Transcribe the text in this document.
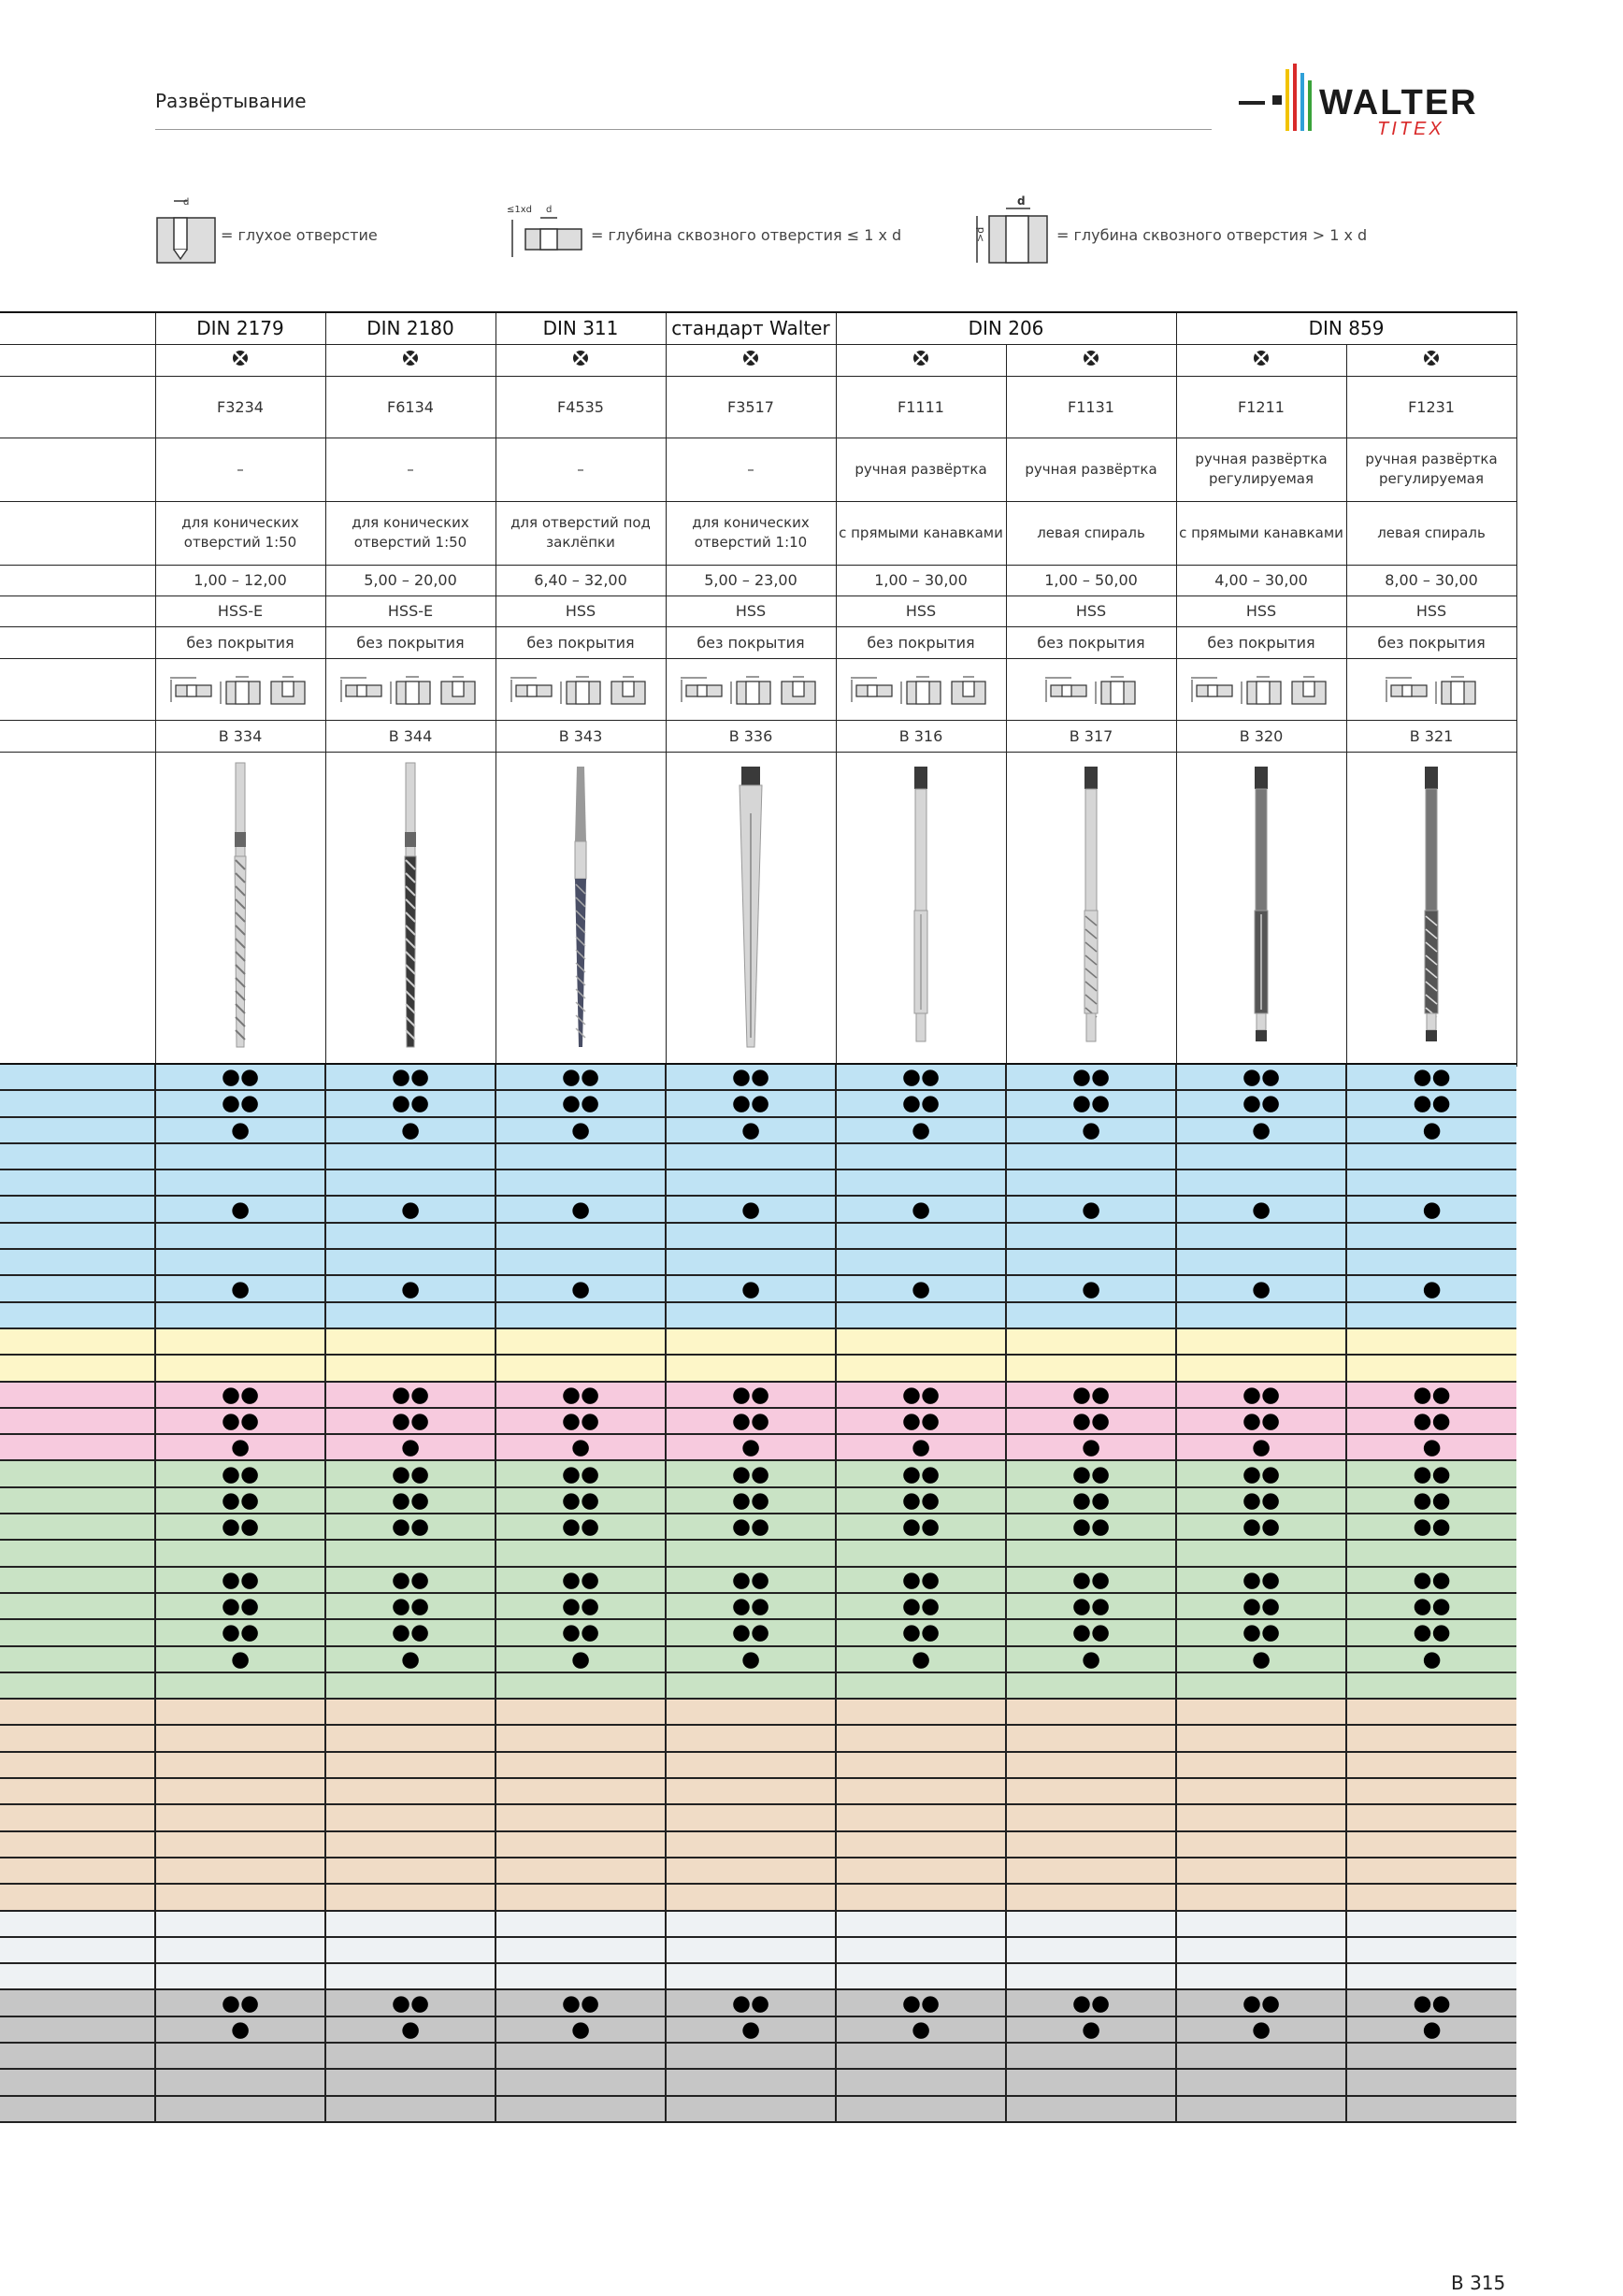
Развёртывание	WALTER
TITEX
d
= глухое отверстие
≤1xd d
= глубина сквозного отверстия ≤ 1 x d
d
>d	= глубина сквозного отверстия > 1 x d
	DIN 2179	DIN 2180	DIN 311	стандарт Walter	DIN 206		DIN 859	

	F3234	F6134	F4535	F3517	F1111	F1131	F1211	F1231
	–	–	–	–	ручная развёртка	ручная развёртка	ручная развёртка регулируемая	ручная развёртка регулируемая
	для конических отверстий 1:50	для конических отверстий 1:50	для отверстий под заклёпки	для конических отверстий 1:10	с прямыми канавками	левая спираль	с прямыми канавками	левая спираль
	1,00 – 12,00	5,00 – 20,00	6,40 – 32,00	5,00 – 23,00	1,00 – 30,00	1,00 – 50,00	4,00 – 30,00	8,00 – 30,00
	HSS-E	HSS-E	HSS	HSS	HSS	HSS	HSS	HSS
	без покрытия	без покрытия	без покрытия	без покрытия	без покрытия	без покрытия	без покрытия	без покрытия

	B 334	B 344	B 343	B 336	B 316	B 317	B 320	B 321

	●●	●●	●●	●●	●●	●●	●●	●●
	●●	●●	●●	●●	●●	●●	●●	●●
	●	●	●	●	●	●	●	●

	●	●	●	●	●	●	●	●

	●	●	●	●	●	●	●	●

	●●	●●	●●	●●	●●	●●	●●	●●
	●●	●●	●●	●●	●●	●●	●●	●●
	●	●	●	●	●	●	●	●
	●●	●●	●●	●●	●●	●●	●●	●●
	●●	●●	●●	●●	●●	●●	●●	●●
	●●	●●	●●	●●	●●	●●	●●	●●

	●●	●●	●●	●●	●●	●●	●●	●●
	●●	●●	●●	●●	●●	●●	●●	●●
	●●	●●	●●	●●	●●	●●	●●	●●
	●	●	●	●	●	●	●	●

	●●	●●	●●	●●	●●	●●	●●	●●
	●	●	●	●	●	●	●	●

B 315
